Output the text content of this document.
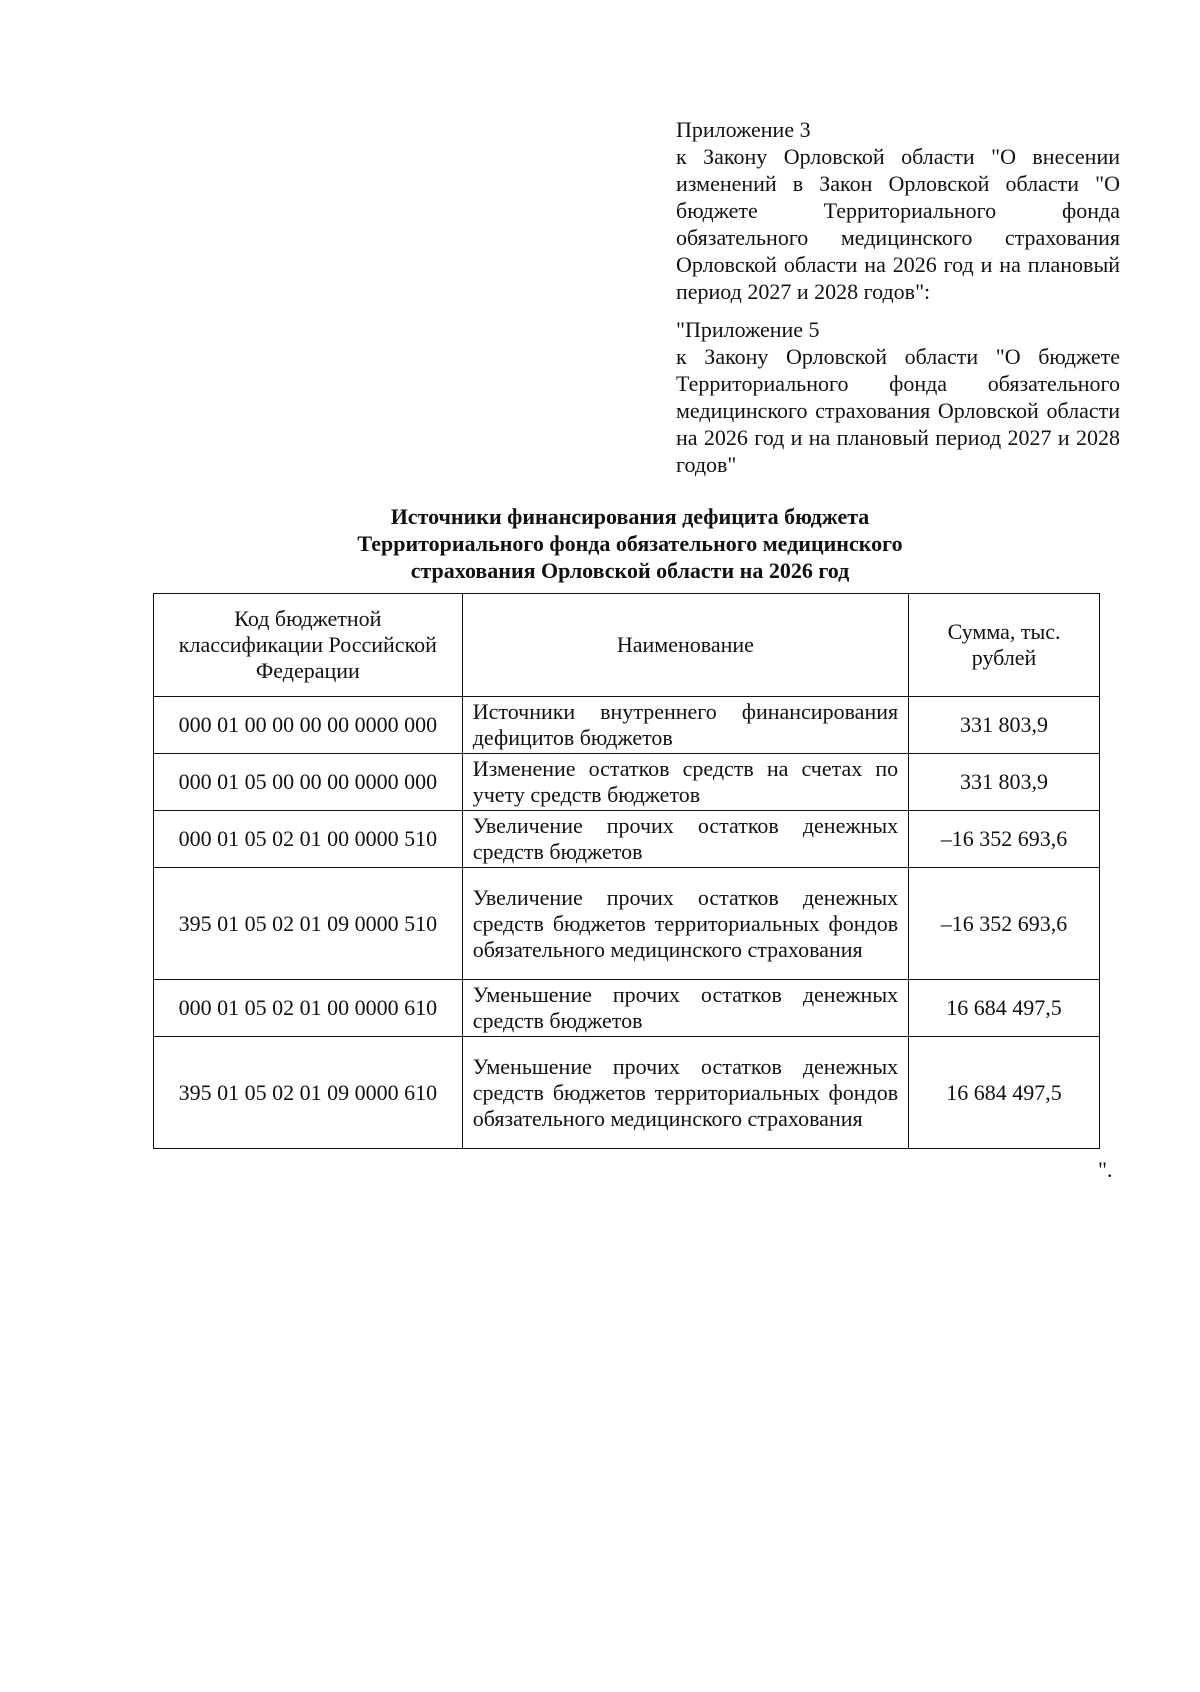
Приложение 3

к Закону Орловской области "О внесении изменений в Закон Орловской области "О бюджете Территориального фонда обязательного медицинского страхования Орловской области на 2026 год и на плановый период 2027 и 2028 годов":

"Приложение 5

к Закону Орловской области "О бюджете Территориального фонда обязательного медицинского страхования Орловской области на 2026 год и на плановый период 2027 и 2028 годов"

Источники финансирования дефицита бюджета
Территориального фонда обязательного медицинского
страхования Орловской области на 2026 год
Код бюджетной классификации Российской Федерации	Наименование	Сумма, тыс. рублей
000 01 00 00 00 00 0000 000	Источники внутреннего финансирования дефицитов бюджетов	331 803,9
000 01 05 00 00 00 0000 000	Изменение остатков средств на счетах по учету средств бюджетов	331 803,9
000 01 05 02 01 00 0000 510	Увеличение прочих остатков денежных средств бюджетов	–16 352 693,6
395 01 05 02 01 09 0000 510	Увеличение прочих остатков денежных средств бюджетов территориальных фондов обязательного медицинского страхования	–16 352 693,6
000 01 05 02 01 00 0000 610	Уменьшение прочих остатков денежных средств бюджетов	16 684 497,5
395 01 05 02 01 09 0000 610	Уменьшение прочих остатков денежных средств бюджетов территориальных фондов обязательного медицинского страхования	16 684 497,5
".
